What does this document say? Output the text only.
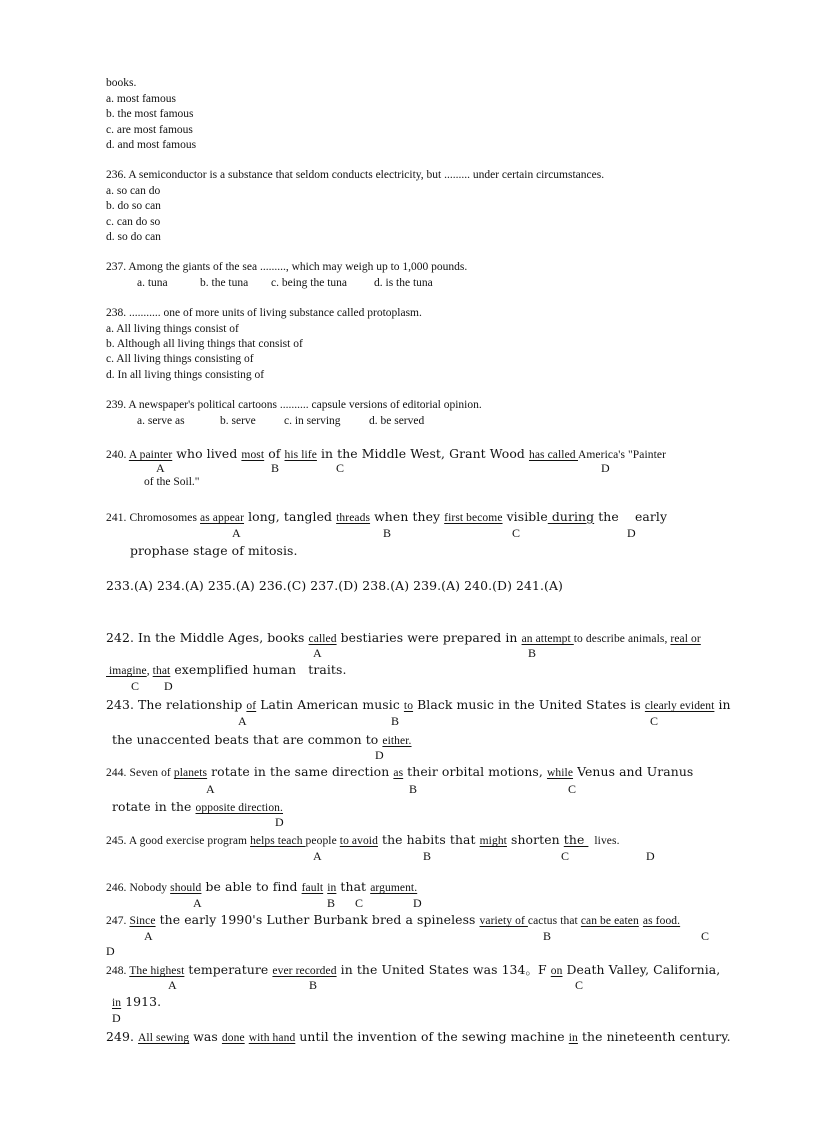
books.
a. most famous
b. the most famous
c. are most famous
d. and most famous
236. A semiconductor is a substance that seldom conducts electricity, but ......... under certain circumstances.
a. so can do
b. do so can
c. can do so
d. so do can
237. Among the giants of the sea ........., which may weigh up to 1,000 pounds.
a. tuna	b. the tuna c. being the tuna d. is the tuna
238. ........... one of more units of living substance called protoplasm.
a. All living things consist of
b. Although all living things that consist of
c. All living things consisting of
d. In all living things consisting of
239. A newspaper's political cartoons .......... capsule versions of editorial opinion.
a. serve as	b. serve c. in serving d. be served
240. A painter who lived most of his life in the Middle West, Grant Wood has called America's "Painter
of the Soil."
A	B	C	D
241. Chromosomes as appear long, tangled threads when they first become visible during the    early
A	B	C	D
prophase stage of mitosis.
233.(A) 234.(A) 235.(A) 236.(C) 237.(D) 238.(A) 239.(A) 240.(D) 241.(A)
242. In the Middle Ages, books called bestiaries were prepared in an attempt to describe animals, real or
A	B
imagine, that exemplified human   traits.
C D
243. The relationship of Latin American music to Black music in the United States is clearly evident in
A	B	C
the unaccented beats that are common to either.
D
244. Seven of planets rotate in the same direction as their orbital motions, while Venus and Uranus
A	B	C
rotate in the opposite direction.
D
245. A good exercise program helps teach people to avoid the habits that might shorten the   lives.
A	B	C	D
246. Nobody should be able to find fault in that argument.
A	B C	D
247. Since the early 1990's Luther Burbank bred a spineless variety of cactus that can be eaten as food.
A	B	C
D
248. The highest temperature ever recorded in the United States was 134。F on Death Valley, California,
A	B	C
in 1913.
D
249. All sewing was done with hand until the invention of the sewing machine in the nineteenth century.
